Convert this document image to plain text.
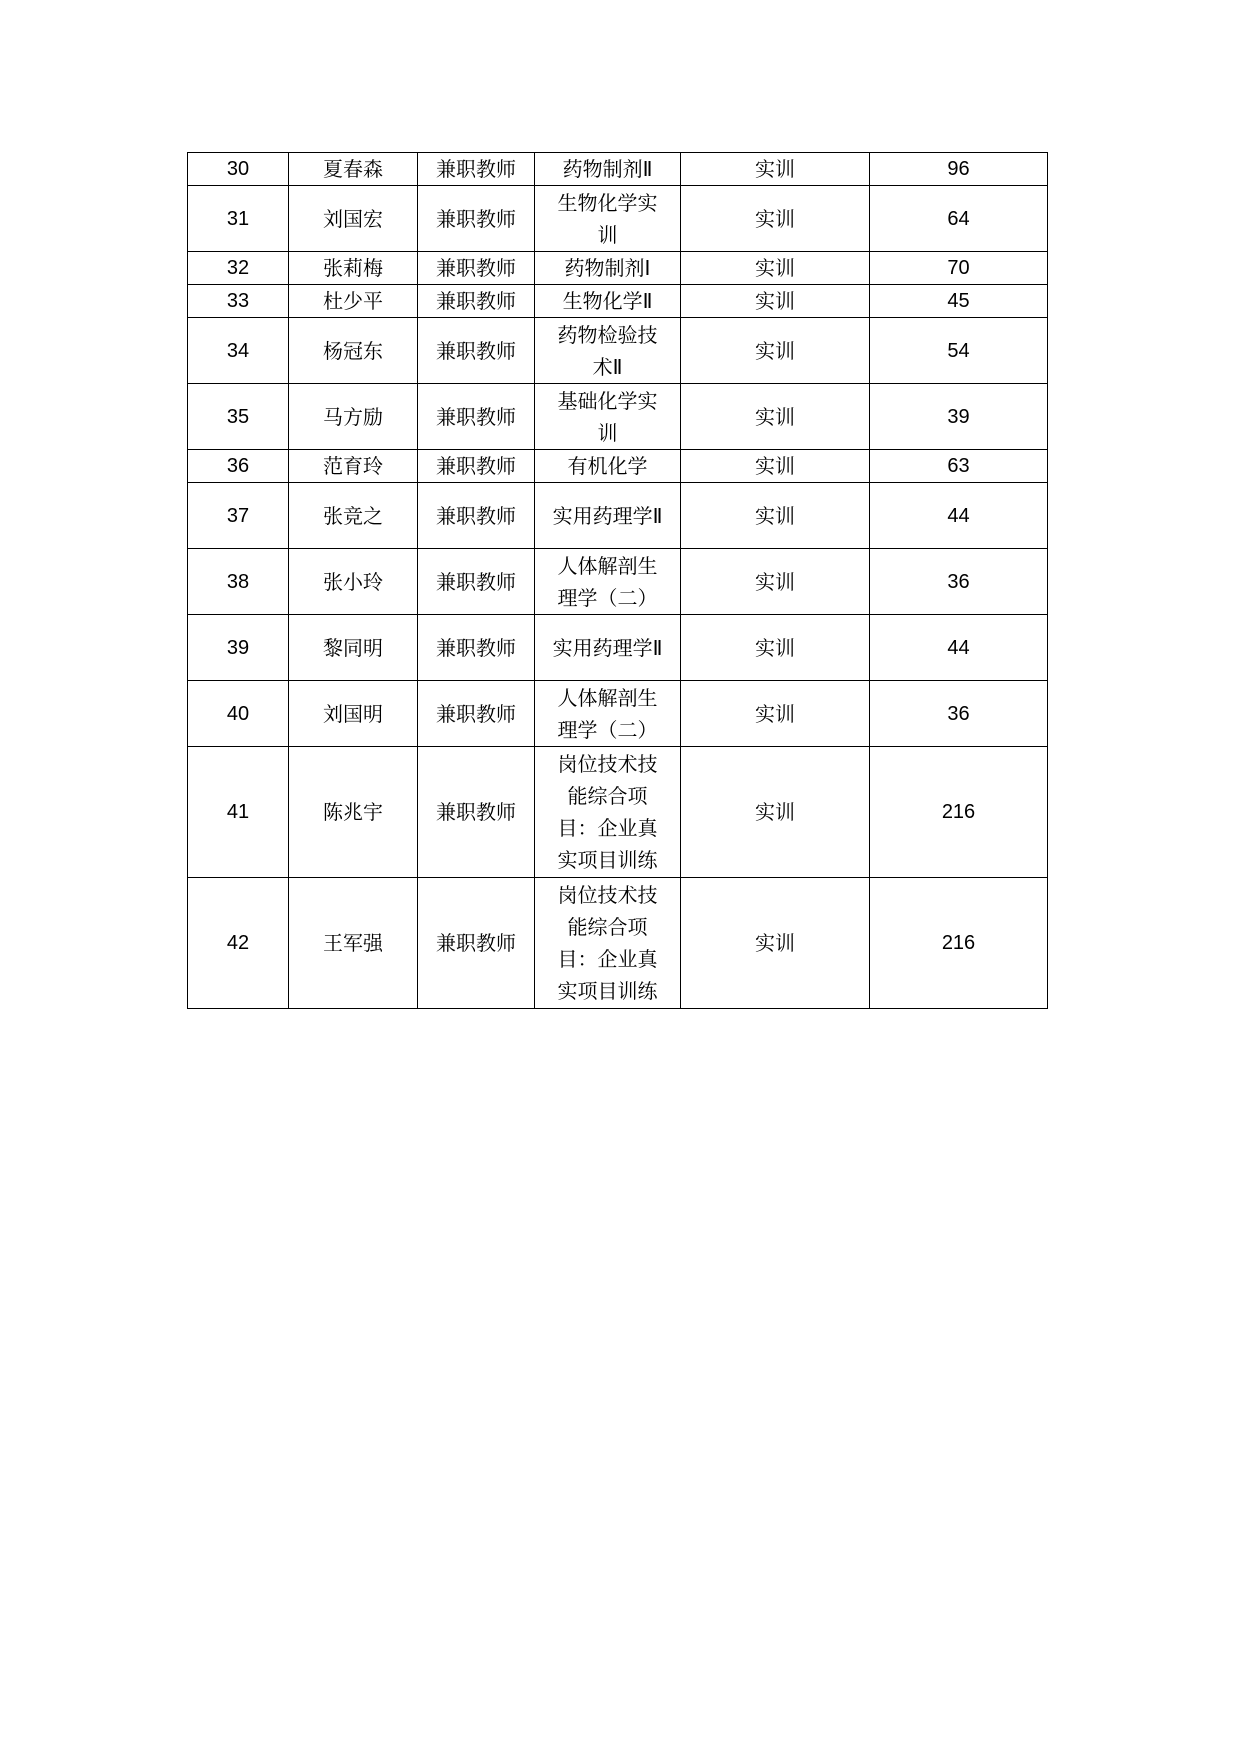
30	夏春森	兼职教师	药物制剂Ⅱ	实训	96
31	刘国宏	兼职教师	生物化学实训	实训	64
32	张莉梅	兼职教师	药物制剂Ⅰ	实训	70
33	杜少平	兼职教师	生物化学Ⅱ	实训	45
34	杨冠东	兼职教师	药物检验技术Ⅱ	实训	54
35	马方励	兼职教师	基础化学实训	实训	39
36	范育玲	兼职教师	有机化学	实训	63
37	张竞之	兼职教师	实用药理学Ⅱ	实训	44
38	张小玲	兼职教师	人体解剖生理学（二）	实训	36
39	黎同明	兼职教师	实用药理学Ⅱ	实训	44
40	刘国明	兼职教师	人体解剖生理学（二）	实训	36
41	陈兆宇	兼职教师	岗位技术技能综合项目：企业真实项目训练	实训	216
42	王军强	兼职教师	岗位技术技能综合项目：企业真实项目训练	实训	216
